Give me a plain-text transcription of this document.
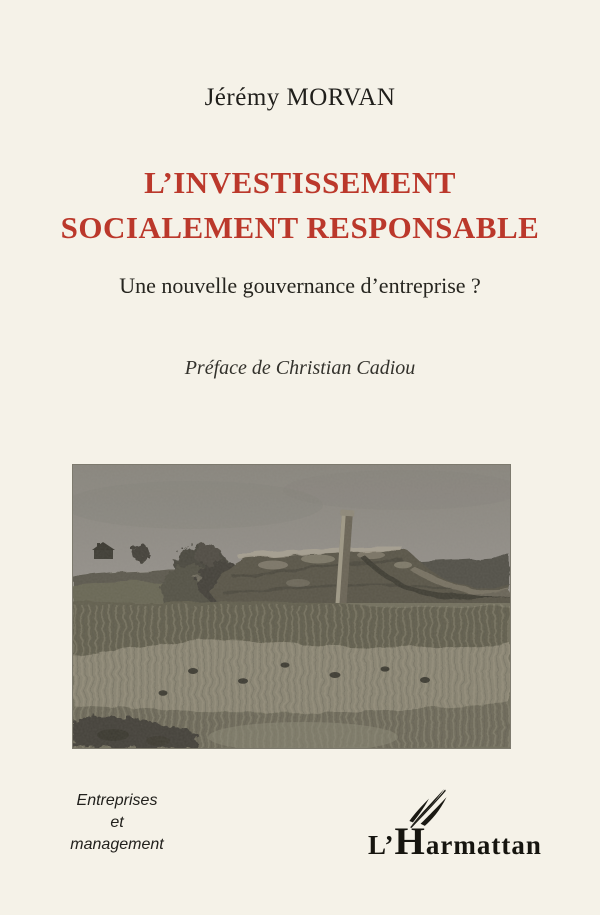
Jérémy MORVAN
L’INVESTISSEMENT
SOCIALEMENT RESPONSABLE
Une nouvelle gouvernance d’entreprise ?
Préface de Christian Cadiou
Entreprises
et
management	L’Harmattan
